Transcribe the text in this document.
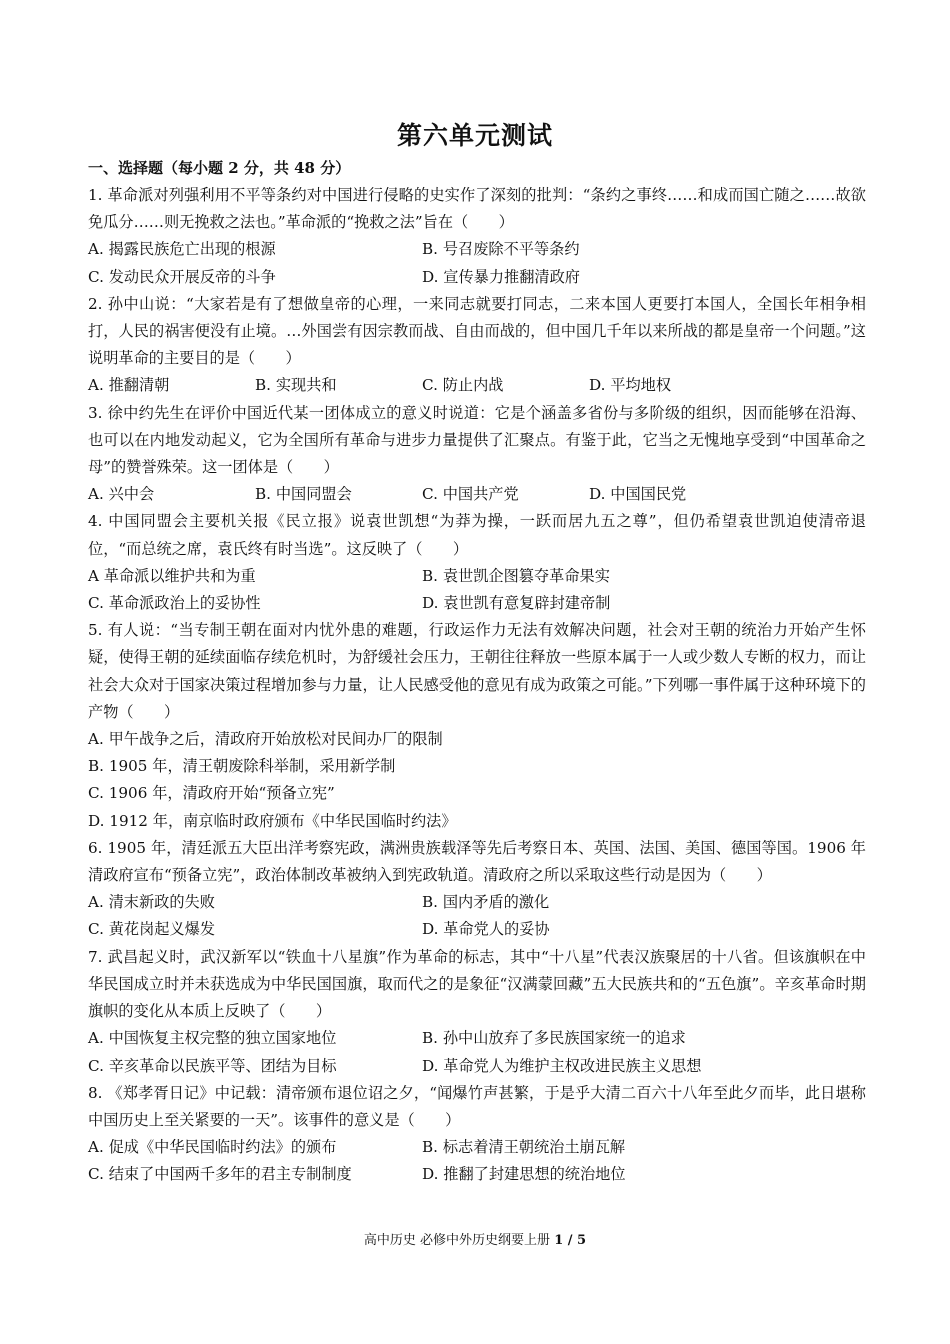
第六单元测试
一、选择题（每小题 2 分，共 48 分）

1. 革命派对列强利用不平等条约对中国进行侵略的史实作了深刻的批判：“条约之事终……和成而国亡随之……故欲免瓜分……则无挽救之法也。”革命派的“挽救之法”旨在（　　）

A. 揭露民族危亡出现的根源	B. 号召废除不平等条约
C. 发动民众开展反帝的斗争	D. 宣传暴力推翻清政府

2. 孙中山说：“大家若是有了想做皇帝的心理，一来同志就要打同志，二来本国人更要打本国人，全国长年相争相打，人民的祸害便没有止境。…外国尝有因宗教而战、自由而战的，但中国几千年以来所战的都是皇帝一个问题。”这说明革命的主要目的是（　　）

A. 推翻清朝	B. 实现共和	C. 防止内战	D. 平均地权

3. 徐中约先生在评价中国近代某一团体成立的意义时说道：它是个涵盖多省份与多阶级的组织，因而能够在沿海、也可以在内地发动起义，它为全国所有革命与进步力量提供了汇聚点。有鉴于此，它当之无愧地享受到“中国革命之母”的赞誉殊荣。这一团体是（　　）

A. 兴中会	B. 中国同盟会	C. 中国共产党	D. 中国国民党

4. 中国同盟会主要机关报《民立报》说袁世凯想“为莽为操，一跃而居九五之尊”，但仍希望袁世凯迫使清帝退位，“而总统之席，袁氏终有时当选”。这反映了（　　）

A 革命派以维护共和为重	B. 袁世凯企图篡夺革命果实
C. 革命派政治上的妥协性	D. 袁世凯有意复辟封建帝制

5. 有人说：“当专制王朝在面对内忧外患的难题，行政运作力无法有效解决问题，社会对王朝的统治力开始产生怀疑，使得王朝的延续面临存续危机时，为舒缓社会压力，王朝往往释放一些原本属于一人或少数人专断的权力，而让社会大众对于国家决策过程增加参与力量，让人民感受他的意见有成为政策之可能。”下列哪一事件属于这种环境下的产物（　　）

A. 甲午战争之后，清政府开始放松对民间办厂的限制
B. 1905 年，清王朝废除科举制，采用新学制
C. 1906 年，清政府开始“预备立宪”
D. 1912 年，南京临时政府颁布《中华民国临时约法》

6. 1905 年，清廷派五大臣出洋考察宪政，满洲贵族载泽等先后考察日本、英国、法国、美国、德国等国。1906 年清政府宣布“预备立宪”，政治体制改革被纳入到宪政轨道。清政府之所以采取这些行动是因为（　　）

A. 清末新政的失败	B. 国内矛盾的激化
C. 黄花岗起义爆发	D. 革命党人的妥协

7. 武昌起义时，武汉新军以“铁血十八星旗”作为革命的标志，其中“十八星”代表汉族聚居的十八省。但该旗帜在中华民国成立时并未获选成为中华民国国旗，取而代之的是象征“汉满蒙回藏”五大民族共和的“五色旗”。辛亥革命时期旗帜的变化从本质上反映了（　　）

A. 中国恢复主权完整的独立国家地位	B. 孙中山放弃了多民族国家统一的追求
C. 辛亥革命以民族平等、团结为目标	D. 革命党人为维护主权改进民族主义思想

8. 《郑孝胥日记》中记载：清帝颁布退位诏之夕，“闻爆竹声甚繁，于是乎大清二百六十八年至此夕而毕，此日堪称中国历史上至关紧要的一天”。该事件的意义是（　　）

A. 促成《中华民国临时约法》的颁布	B. 标志着清王朝统治土崩瓦解
C. 结束了中国两千多年的君主专制制度	D. 推翻了封建思想的统治地位
高中历史 必修中外历史纲要上册 1 / 5
